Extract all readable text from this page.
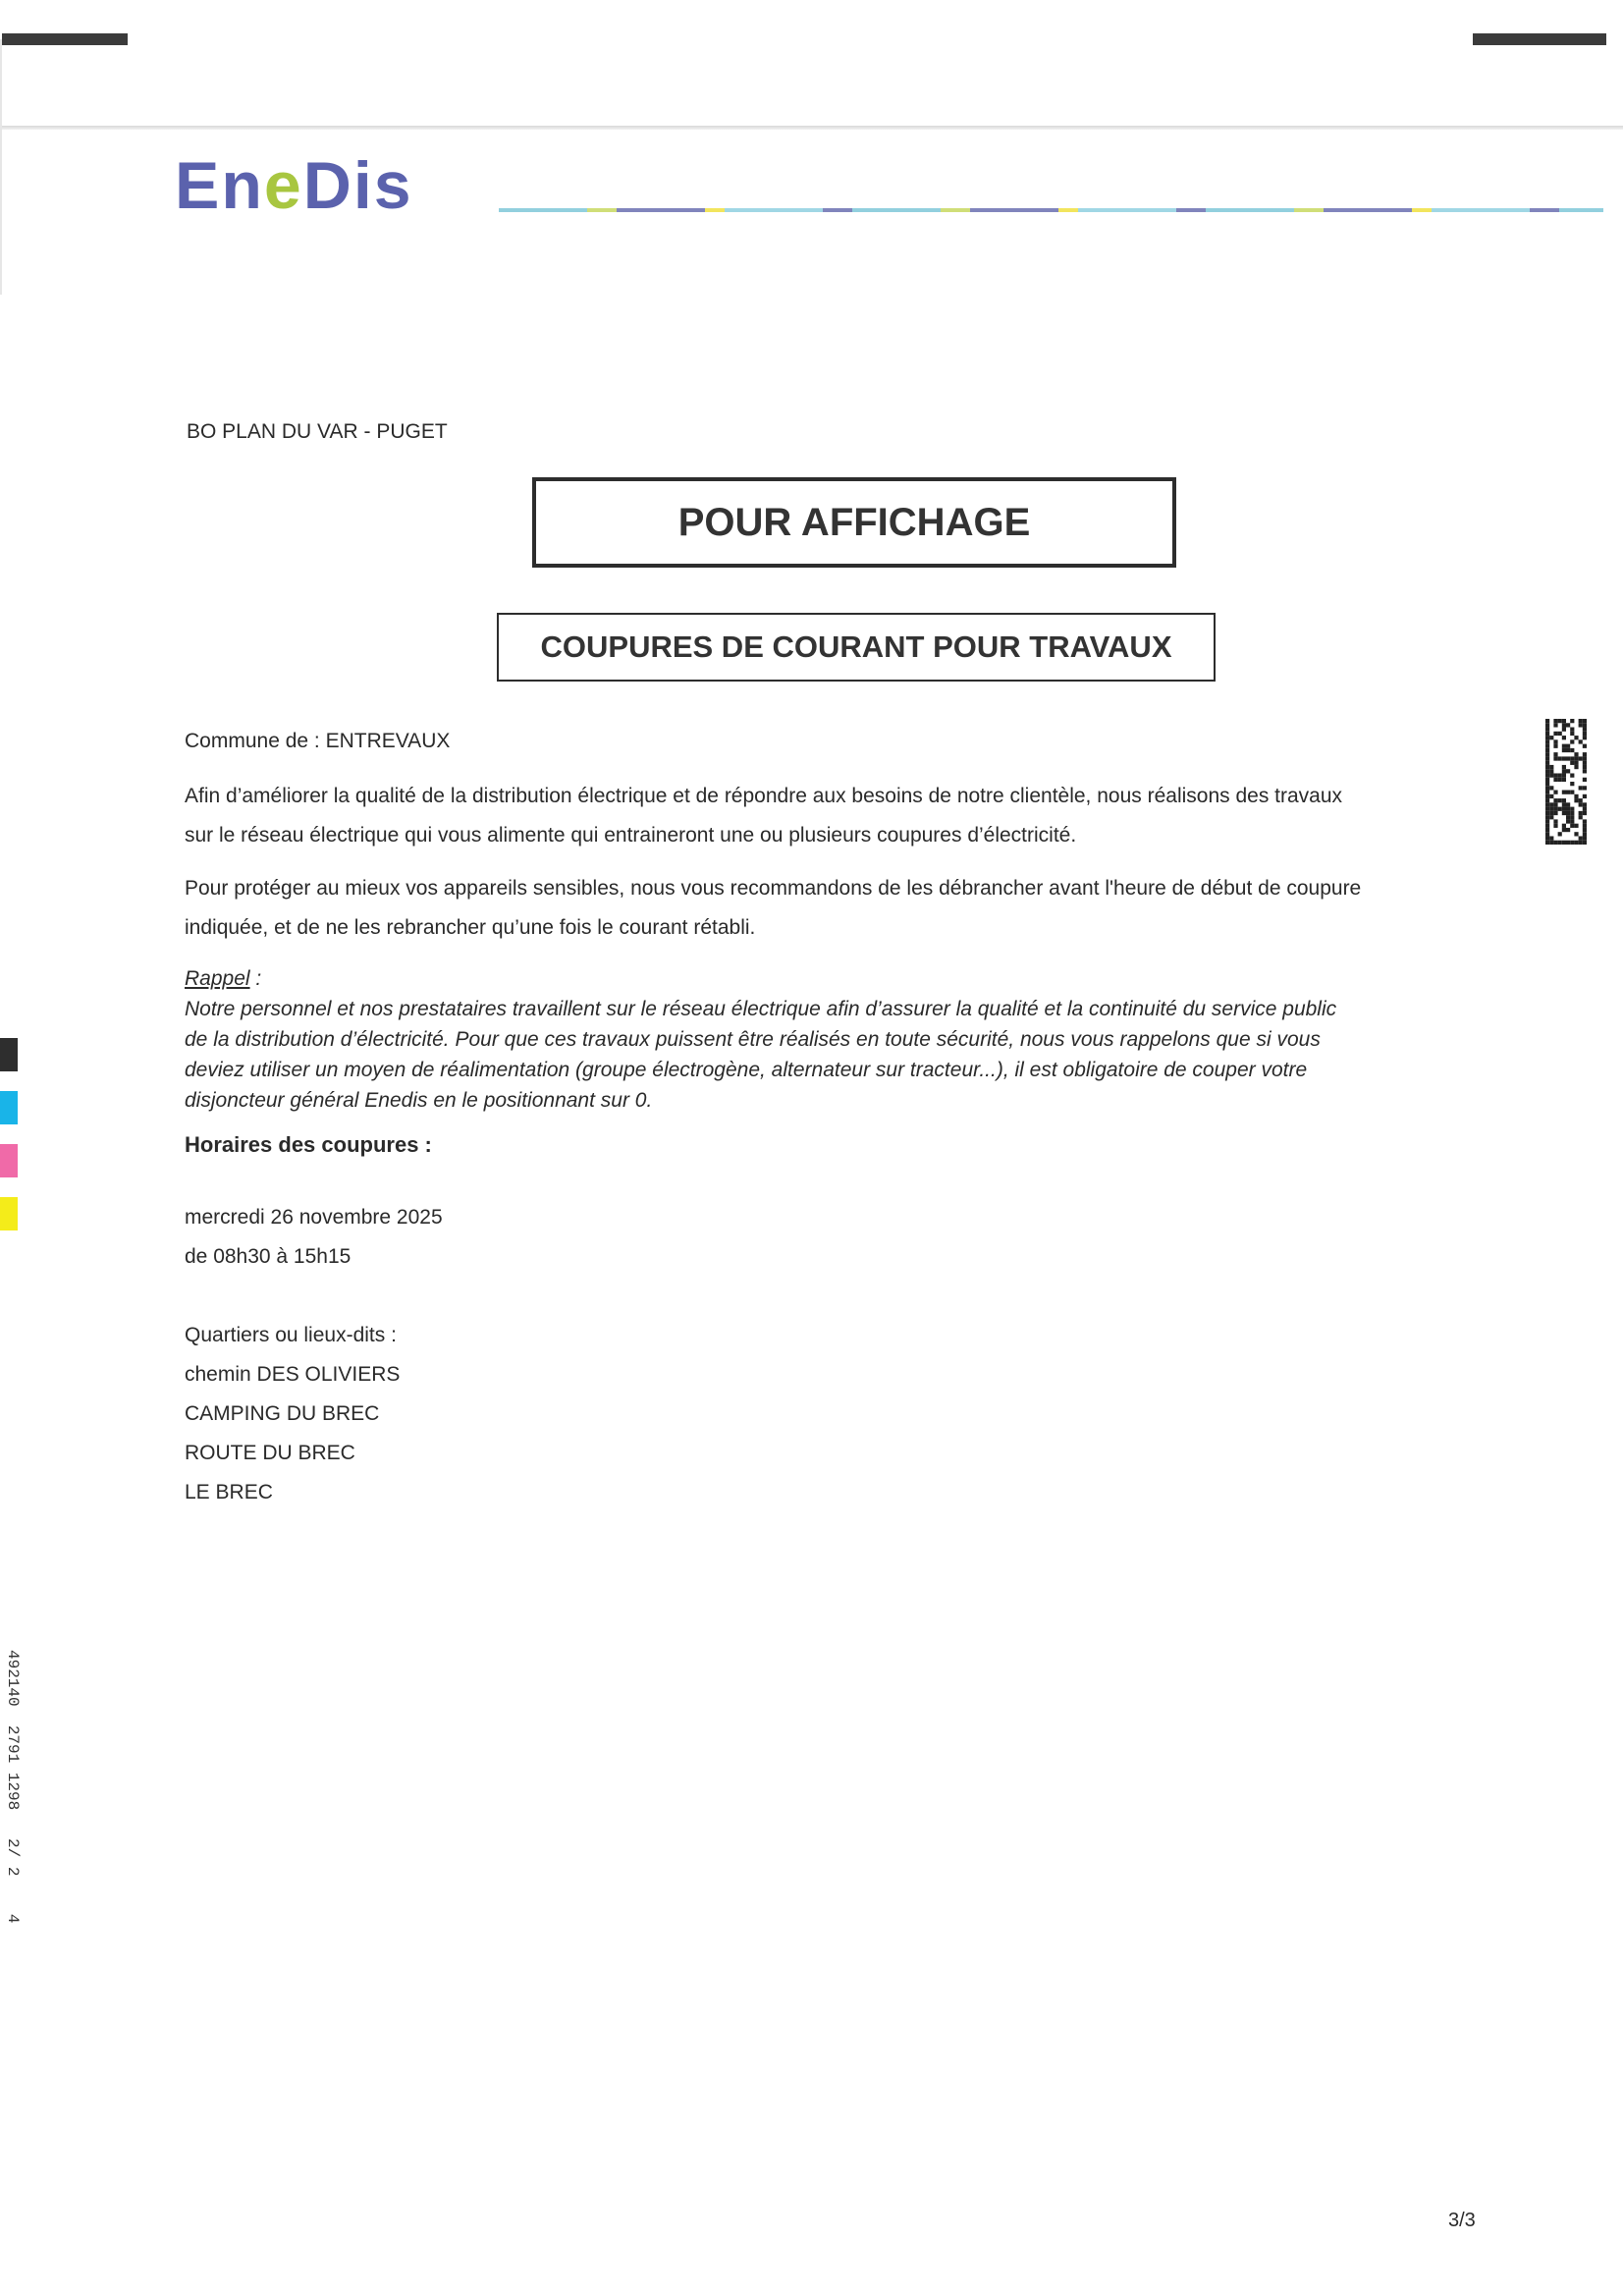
EneDis
BO PLAN DU VAR - PUGET
POUR AFFICHAGE
COUPURES DE COURANT POUR TRAVAUX

Commune de : ENTREVAUX

Afin d’améliorer la qualité de la distribution électrique et de répondre aux besoins de notre clientèle, nous réalisons des travaux

sur le réseau électrique qui vous alimente qui entraineront une ou plusieurs coupures d’électricité.

Pour protéger au mieux vos appareils sensibles, nous vous recommandons de les débrancher avant l'heure de début de coupure

indiquée, et de ne les rebrancher qu’une fois le courant rétabli.

Rappel :
Notre personnel et nos prestataires travaillent sur le réseau électrique afin d’assurer la qualité et la continuité du service public
de la distribution d’électricité. Pour que ces travaux puissent être réalisés en toute sécurité, nous vous rappelons que si vous
deviez utiliser un moyen de réalimentation (groupe électrogène, alternateur sur tracteur...), il est obligatoire de couper votre
disjoncteur général Enedis en le positionnant sur 0.
Horaires des coupures :
mercredi 26 novembre 2025
de 08h30 à 15h15
Quartiers ou lieux-dits :
chemin DES OLIVIERS
CAMPING DU BREC
ROUTE DU BREC
LE BREC
492140  2791 1298   2/ 2    4
3/3
